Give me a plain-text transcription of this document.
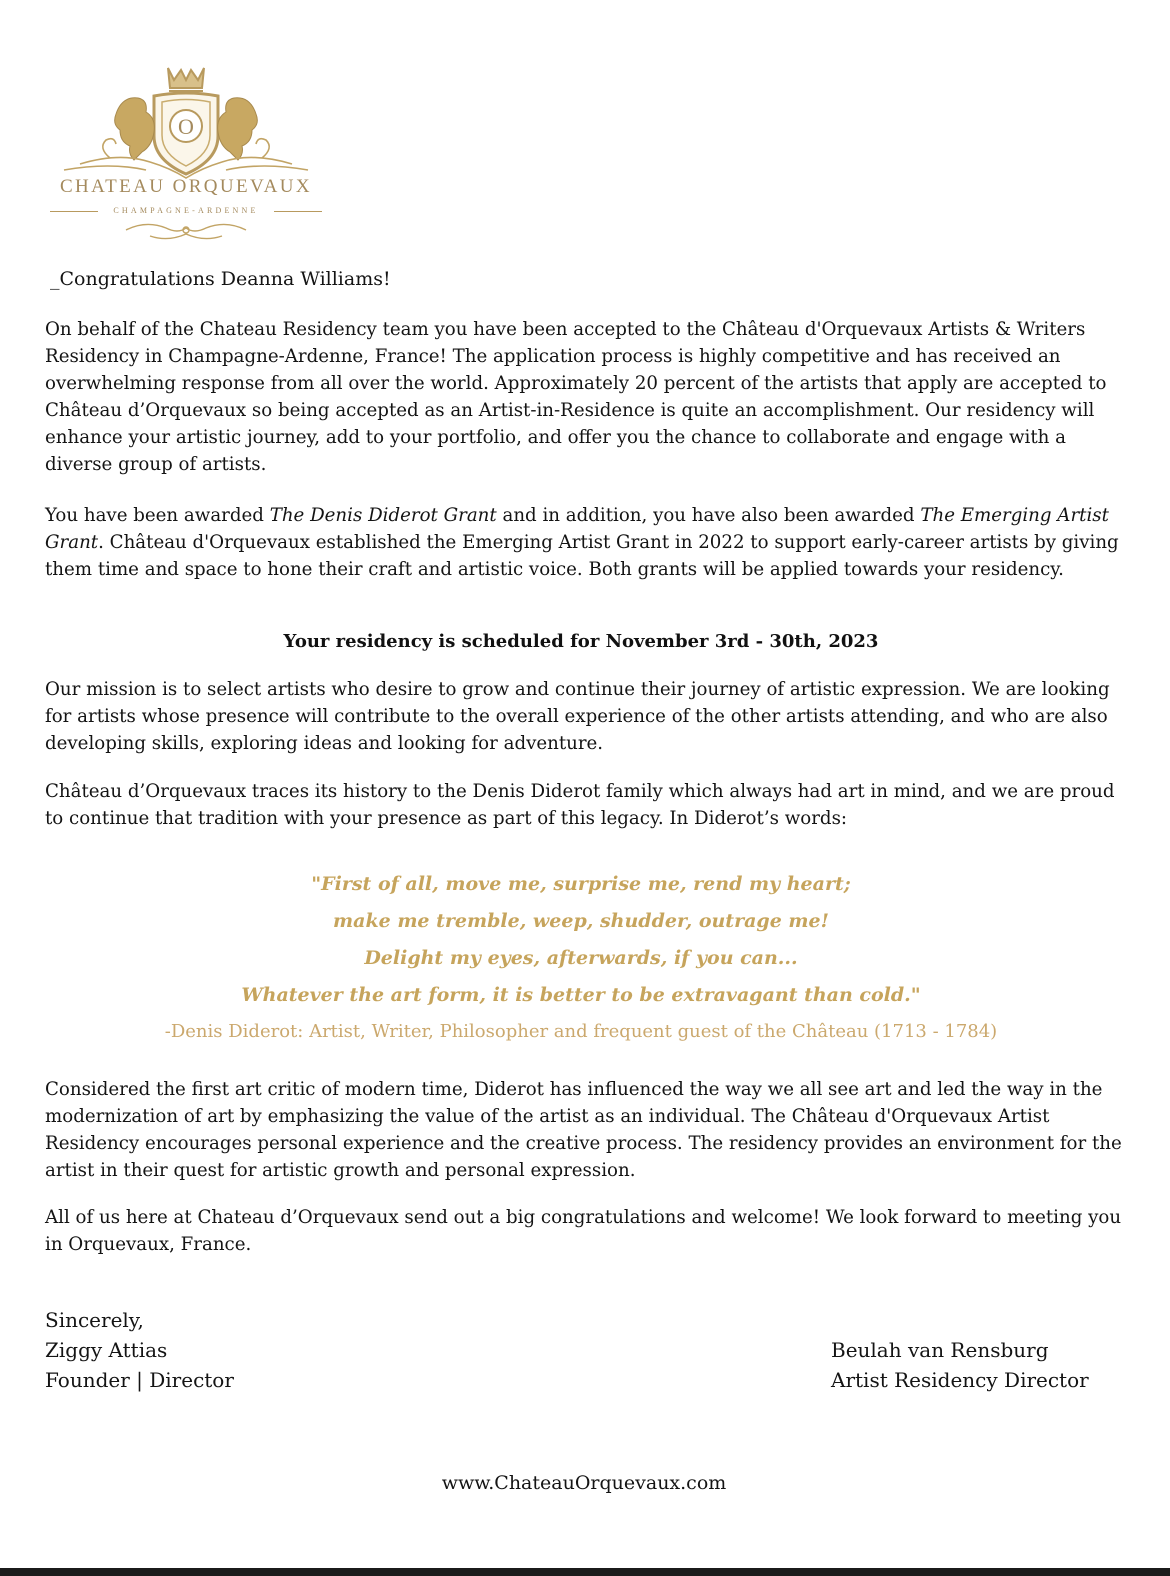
O
CHATEAU ORQUEVAUX
CHAMPAGNE-ARDENNE
_Congratulations Deanna Williams!
On behalf of the Chateau Residency team you have been accepted to the Château d'Orquevaux Artists & Writers Residency in Champagne-Ardenne, France! The application process is highly competitive and has received an overwhelming response from all over the world. Approximately 20 percent of the artists that apply are accepted to Château d’Orquevaux so being accepted as an Artist-in-Residence is quite an accomplishment. Our residency will enhance your artistic journey, add to your portfolio, and offer you the chance to collaborate and engage with a diverse group of artists.
You have been awarded The Denis Diderot Grant and in addition, you have also been awarded The Emerging Artist Grant. Château d'Orquevaux established the Emerging Artist Grant in 2022 to support early-career artists by giving them time and space to hone their craft and artistic voice. Both grants will be applied towards your residency.
Your residency is scheduled for November 3rd - 30th, 2023
Our mission is to select artists who desire to grow and continue their journey of artistic expression. We are looking for artists whose presence will contribute to the overall experience of the other artists attending, and who are also developing skills, exploring ideas and looking for adventure.
Château d’Orquevaux traces its history to the Denis Diderot family which always had art in mind, and we are proud to continue that tradition with your presence as part of this legacy. In Diderot’s words:
"First of all, move me, surprise me, rend my heart;
make me tremble, weep, shudder, outrage me!
Delight my eyes, afterwards, if you can...
Whatever the art form, it is better to be extravagant than cold."
-Denis Diderot: Artist, Writer, Philosopher and frequent guest of the Château (1713 - 1784)
Considered the first art critic of modern time, Diderot has influenced the way we all see art and led the way in the modernization of art by emphasizing the value of the artist as an individual. The Château d'Orquevaux Artist Residency encourages personal experience and the creative process. The residency provides an environment for the artist in their quest for artistic growth and personal expression.
All of us here at Chateau d’Orquevaux send out a big congratulations and welcome! We look forward to meeting you in Orquevaux, France.
Sincerely,
Ziggy Attias
Founder | Director
Beulah van Rensburg
Artist Residency Director
www.ChateauOrquevaux.com
